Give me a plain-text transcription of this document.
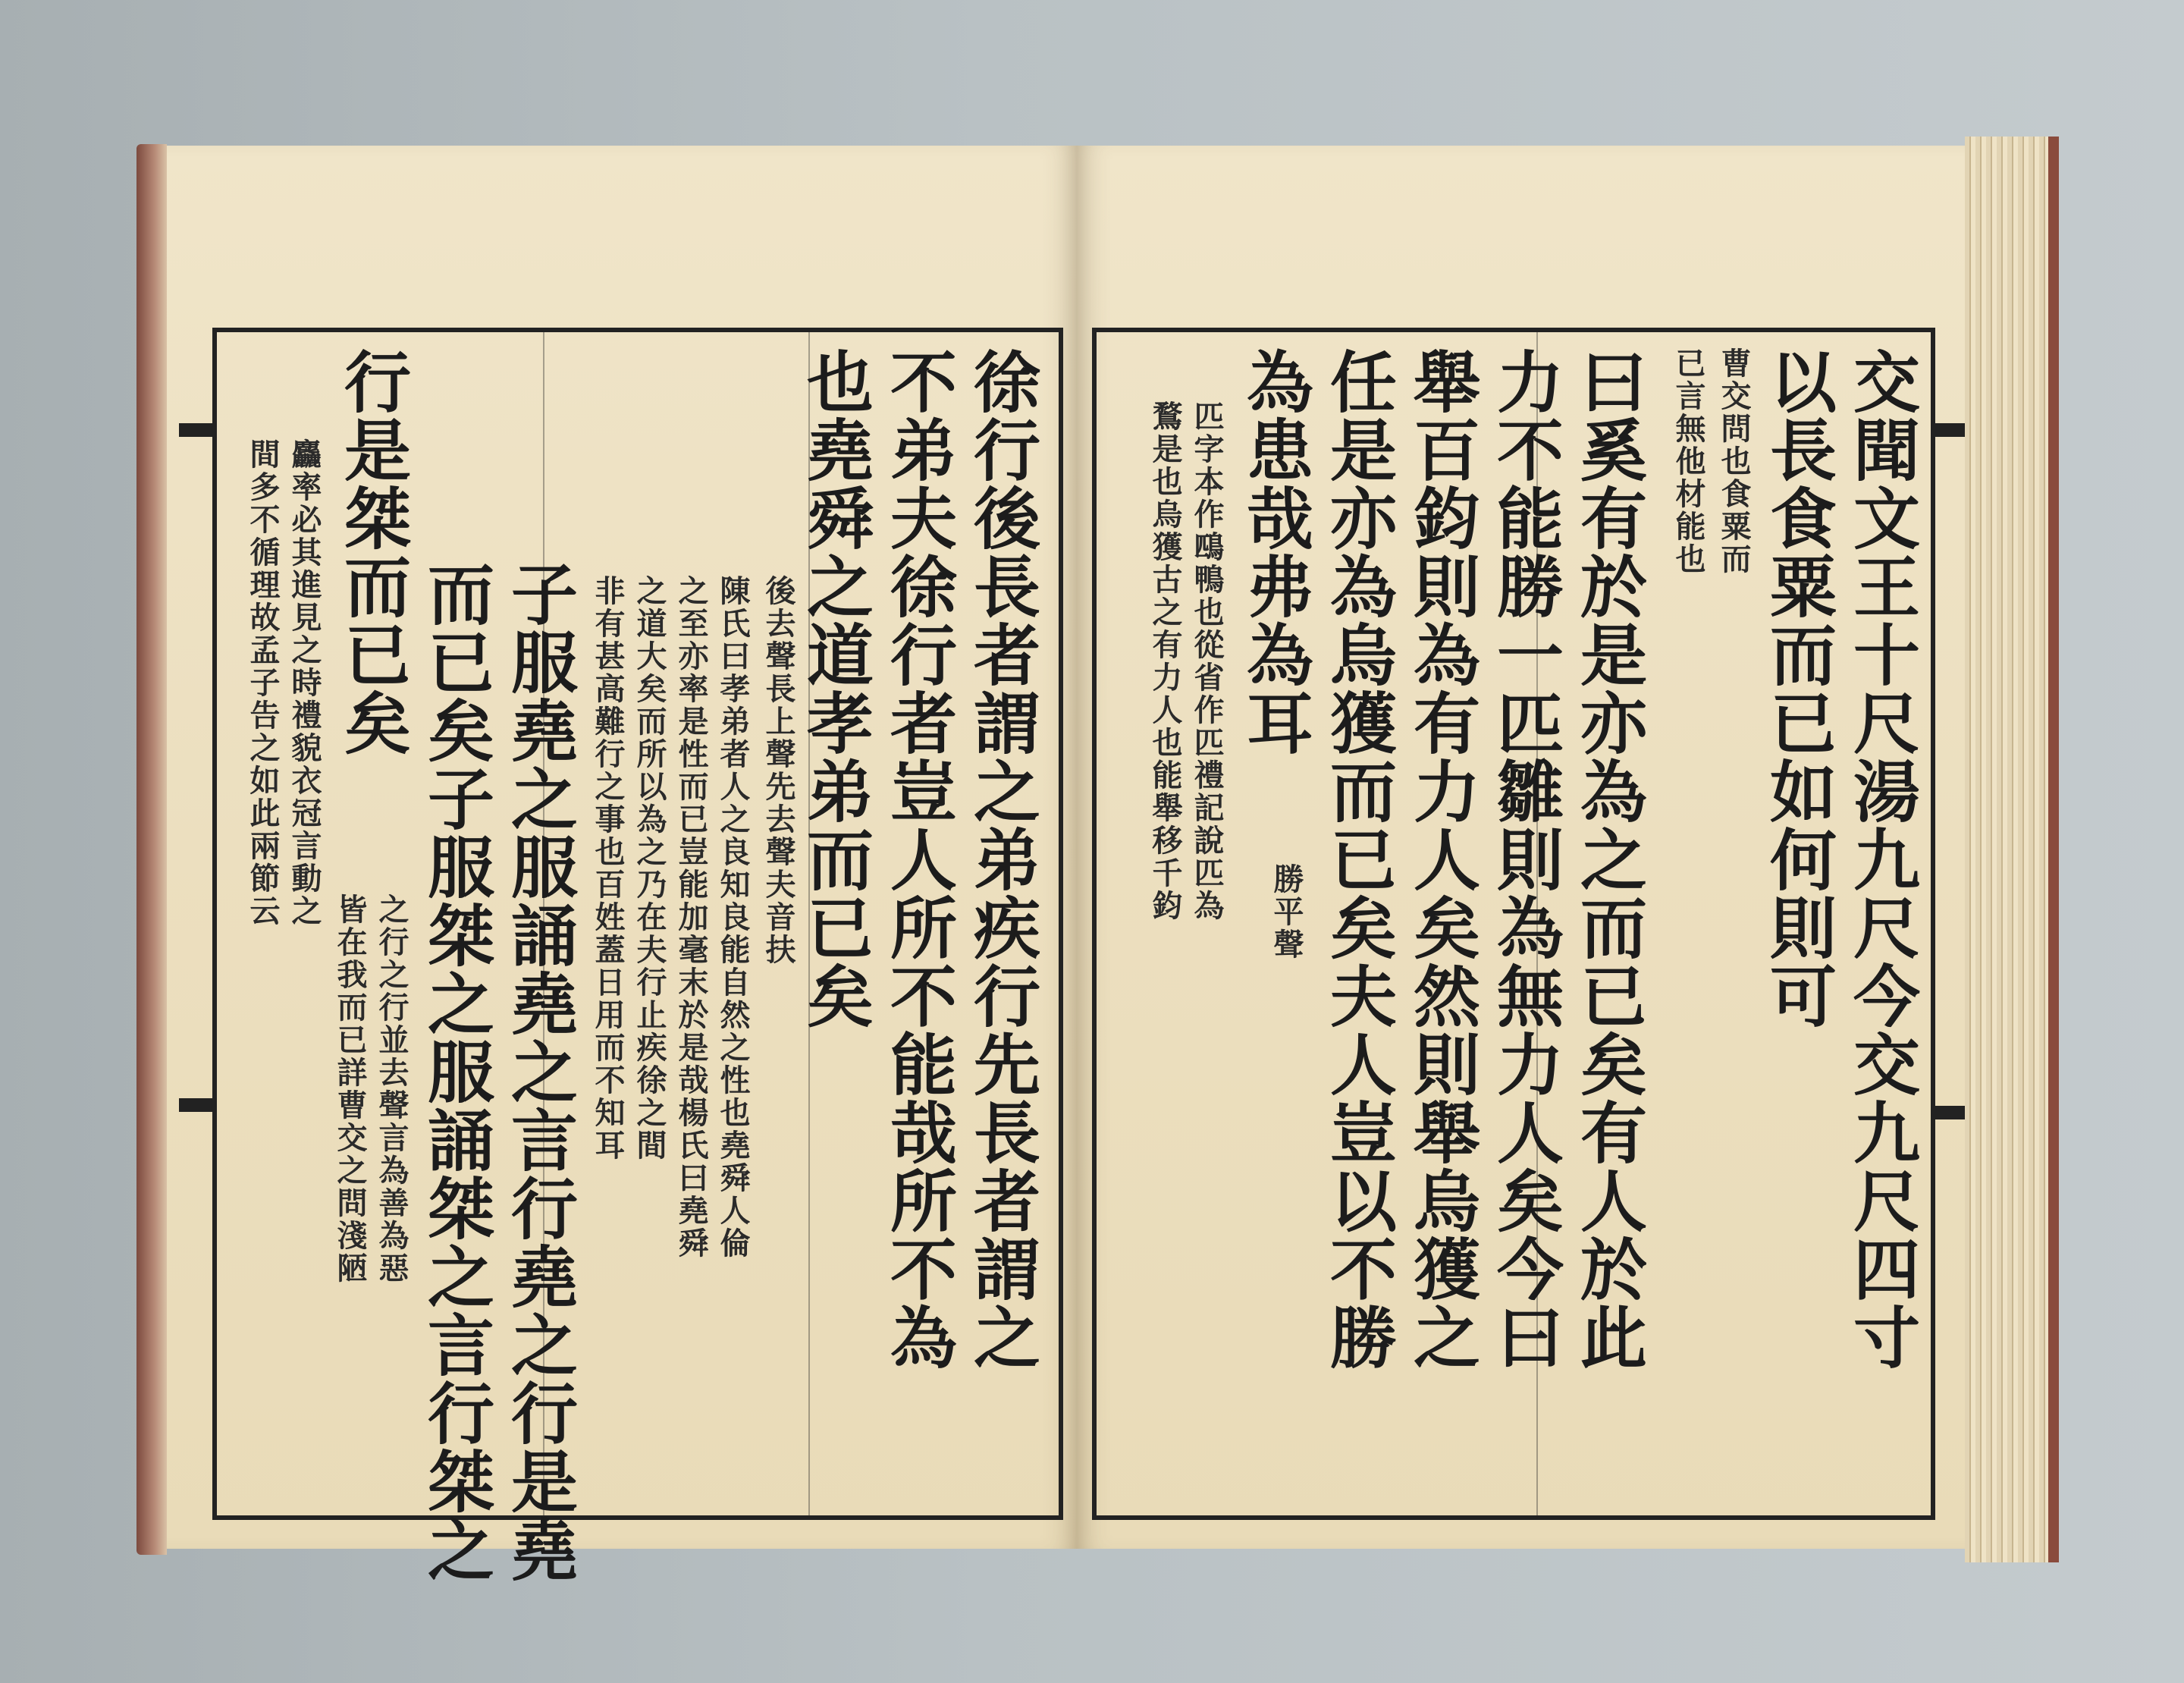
徐行後長者謂之弟疾行先長者謂之
不弟夫徐行者豈人所不能哉所不為
也堯舜之道孝弟而已矣
後去聲長上聲先去聲夫音扶
陳氏曰孝弟者人之良知良能自然之性也堯舜人倫
之至亦率是性而已豈能加毫末於是哉楊氏曰堯舜
之道大矣而所以為之乃在夫行止疾徐之間
非有甚高難行之事也百姓蓋日用而不知耳
子服堯之服誦堯之言行堯之行是堯
而已矣子服桀之服誦桀之言行桀之
行是桀而已矣
之行之行並去聲言為善為惡
皆在我而已詳曹交之問淺陋
麤率必其進見之時禮貌衣冠言動之
間多不循理故孟子告之如此兩節云	交聞文王十尺湯九尺今交九尺四寸
以長食粟而已如何則可
曹交問也食粟而
已言無他材能也
曰奚有於是亦為之而已矣有人於此
力不能勝一匹雛則為無力人矣今曰
舉百鈞則為有力人矣然則舉烏獲之
任是亦為烏獲而已矣夫人豈以不勝
為患哉弗為耳
勝平聲
匹字本作鴄鴨也從省作匹禮記說匹為
鶩是也烏獲古之有力人也能舉移千鈞
